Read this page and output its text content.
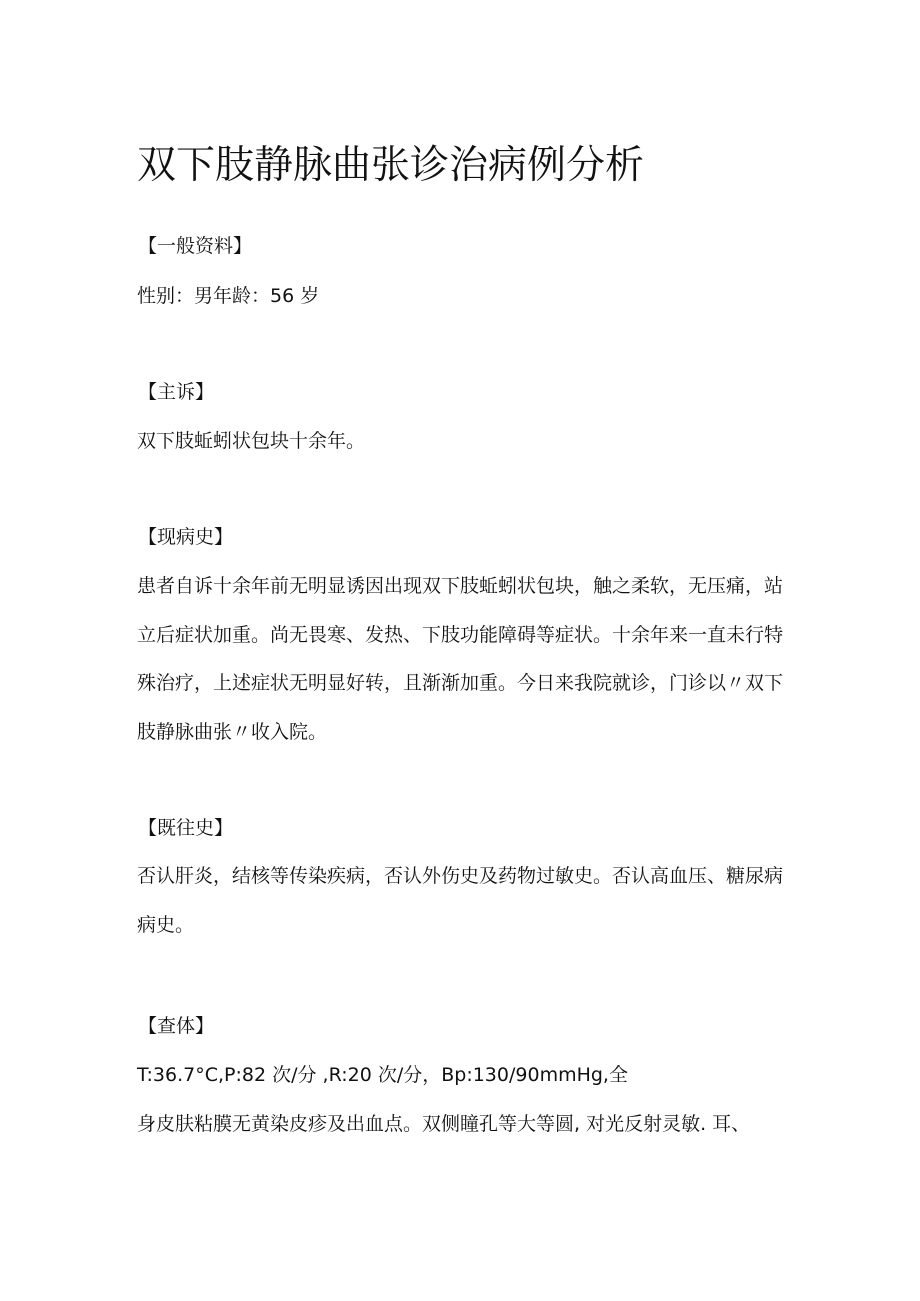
双下肢静脉曲张诊治病例分析
【一般资料】
性别：男年龄：56 岁
【主诉】
双下肢蚯蚓状包块十余年。
【现病史】

患者自诉十余年前无明显诱因出现双下肢蚯蚓状包块，触之柔软，无压痛，站立后症状加重。尚无畏寒、发热、下肢功能障碍等症状。十余年来一直未行特殊治疗，上述症状无明显好转，且渐渐加重。今日来我院就诊，门诊以〃双下肢静脉曲张〃收入院。

【既往史】

否认肝炎，结核等传染疾病，否认外伤史及药物过敏史。否认高血压、糖尿病病史。

【查体】
T:36.7°C,P:82 次/分 ,R:20 次/分，Bp:130/90mmHg,全
身皮肤粘膜无黄染皮疹及出血点。双侧瞳孔等大等圆, 对光反射灵敏. 耳、
